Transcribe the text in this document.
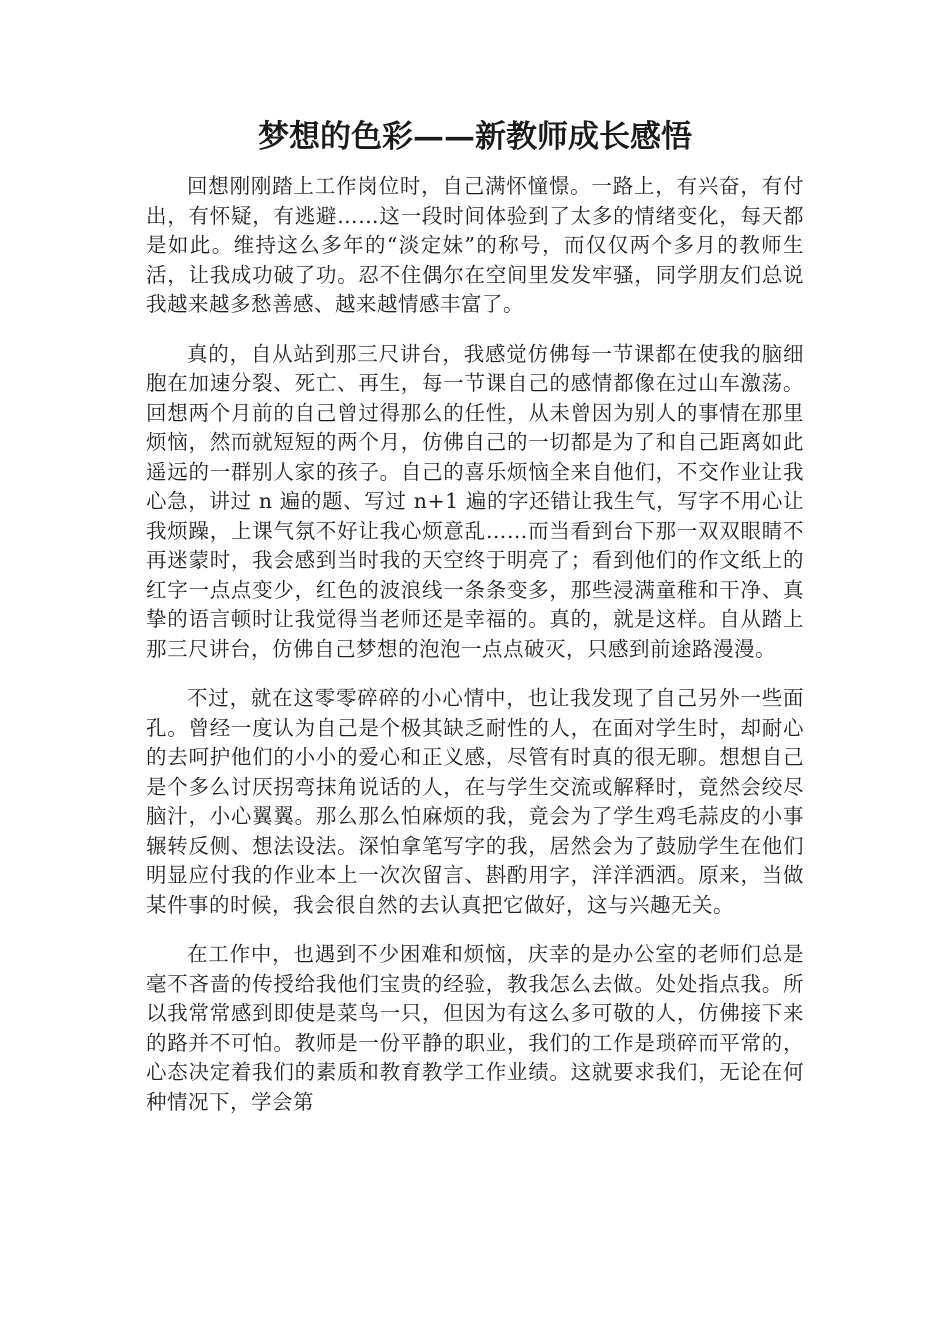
梦想的色彩——新教师成长感悟

回想刚刚踏上工作岗位时，自己满怀憧憬。一路上，有兴奋，有付出，有怀疑，有逃避……这一段时间体验到了太多的情绪变化，每天都是如此。维持这么多年的“淡定妹”的称号，而仅仅两个多月的教师生活，让我成功破了功。忍不住偶尔在空间里发发牢骚，同学朋友们总说我越来越多愁善感、越来越情感丰富了。

真的，自从站到那三尺讲台，我感觉仿佛每一节课都在使我的脑细胞在加速分裂、死亡、再生，每一节课自己的感情都像在过山车激荡。回想两个月前的自己曾过得那么的任性，从未曾因为别人的事情在那里烦恼，然而就短短的两个月，仿佛自己的一切都是为了和自己距离如此遥远的一群别人家的孩子。自己的喜乐烦恼全来自他们，不交作业让我心急，讲过 n 遍的题、写过 n+1 遍的字还错让我生气，写字不用心让我烦躁，上课气氛不好让我心烦意乱……而当看到台下那一双双眼睛不再迷蒙时，我会感到当时我的天空终于明亮了；看到他们的作文纸上的红字一点点变少，红色的波浪线一条条变多，那些浸满童稚和干净、真挚的语言顿时让我觉得当老师还是幸福的。真的，就是这样。自从踏上那三尺讲台，仿佛自己梦想的泡泡一点点破灭，只感到前途路漫漫。

不过，就在这零零碎碎的小心情中，也让我发现了自己另外一些面孔。曾经一度认为自己是个极其缺乏耐性的人，在面对学生时，却耐心的去呵护他们的小小的爱心和正义感，尽管有时真的很无聊。想想自己是个多么讨厌拐弯抹角说话的人，在与学生交流或解释时，竟然会绞尽脑汁，小心翼翼。那么那么怕麻烦的我，竟会为了学生鸡毛蒜皮的小事辗转反侧、想法设法。深怕拿笔写字的我，居然会为了鼓励学生在他们明显应付我的作业本上一次次留言、斟酌用字，洋洋洒洒。原来，当做某件事的时候，我会很自然的去认真把它做好，这与兴趣无关。

在工作中，也遇到不少困难和烦恼，庆幸的是办公室的老师们总是毫不吝啬的传授给我他们宝贵的经验，教我怎么去做。处处指点我。所以我常常感到即使是菜鸟一只，但因为有这么多可敬的人，仿佛接下来的路并不可怕。教师是一份平静的职业，我们的工作是琐碎而平常的，心态决定着我们的素质和教育教学工作业绩。这就要求我们，无论在何种情况下，学会第
